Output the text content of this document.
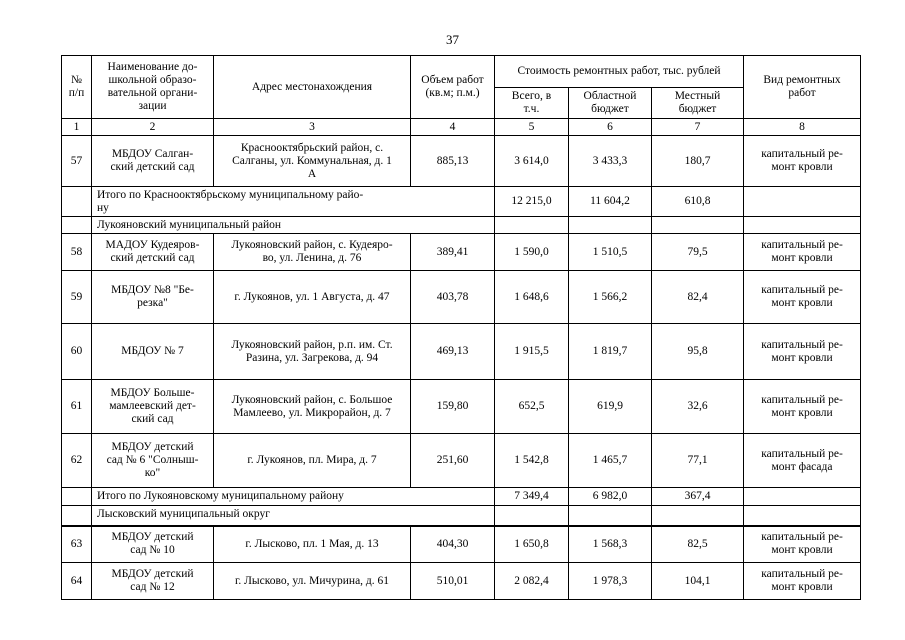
37
№
п/п	Наименование до-
школьной образо-
вательной органи-
зации	Адрес местонахождения	Объем работ
(кв.м; п.м.)	Стоимость ремонтных работ, тыс. рублей			Вид ремонтных
работ
				Всего, в
т.ч.	Областной
бюджет	Местный
бюджет	
1	2	3	4	5	6	7	8
57	МБДОУ Салган-
ский детский сад	Краснооктябрьский район, с.
Салганы, ул. Коммунальная, д. 1
А	885,13	3 614,0	3 433,3	180,7	капитальный ре-
монт кровли
	Итого по Краснооктябрьскому муниципальному райо-
ну			12 215,0	11 604,2	610,8	
	Лукояновский муниципальный район						
58	МАДОУ Кудеяров-
ский детский сад	Лукояновский район, с. Кудеяро-
во, ул. Ленина, д. 76	389,41	1 590,0	1 510,5	79,5	капитальный ре-
монт кровли
59	МБДОУ №8 "Бе-
резка"	г. Лукоянов, ул. 1 Августа, д. 47	403,78	1 648,6	1 566,2	82,4	капитальный ре-
монт кровли
60	МБДОУ № 7	Лукояновский район, р.п. им. Ст.
Разина, ул. Загрекова, д. 94	469,13	1 915,5	1 819,7	95,8	капитальный ре-
монт кровли
61	МБДОУ Больше-
мамлеевский дет-
ский сад	Лукояновский район, с. Большое
Мамлеево, ул. Микрорайон, д. 7	159,80	652,5	619,9	32,6	капитальный ре-
монт кровли
62	МБДОУ детский
сад № 6 "Солныш-
ко"	г. Лукоянов, пл. Мира, д. 7	251,60	1 542,8	1 465,7	77,1	капитальный ре-
монт фасада
	Итого по Лукояновскому муниципальному району			7 349,4	6 982,0	367,4	
	Лысковский муниципальный округ						
63	МБДОУ детский
сад № 10	г. Лысково, пл. 1 Мая, д. 13	404,30	1 650,8	1 568,3	82,5	капитальный ре-
монт кровли
64	МБДОУ детский
сад № 12	г. Лысково, ул. Мичурина, д. 61	510,01	2 082,4	1 978,3	104,1	капитальный ре-
монт кровли
